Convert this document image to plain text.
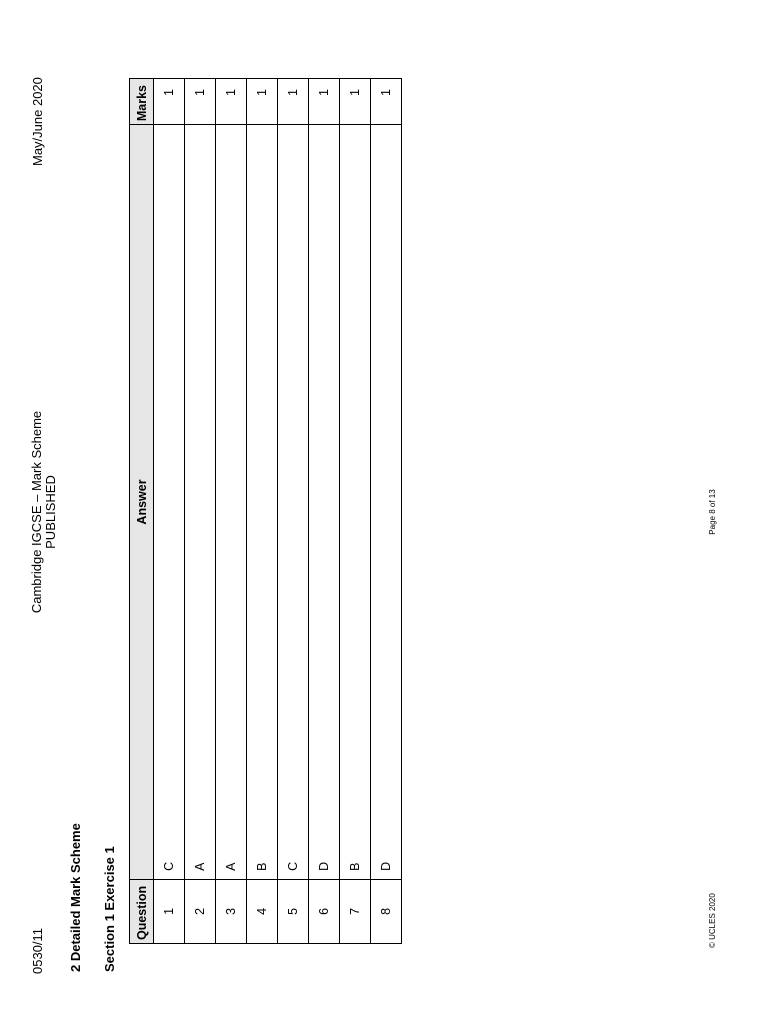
0530/11
Cambridge IGCSE – Mark Scheme PUBLISHED
May/June 2020
2 Detailed Mark Scheme Section 1 Exercise 1 Question	Answer	Marks
1	C	1
2	A	1
3	A	1
4	B	1
5	C	1
6	D	1
7	B	1
8	D	1
© UCLES 2020
Page 8 of 13
